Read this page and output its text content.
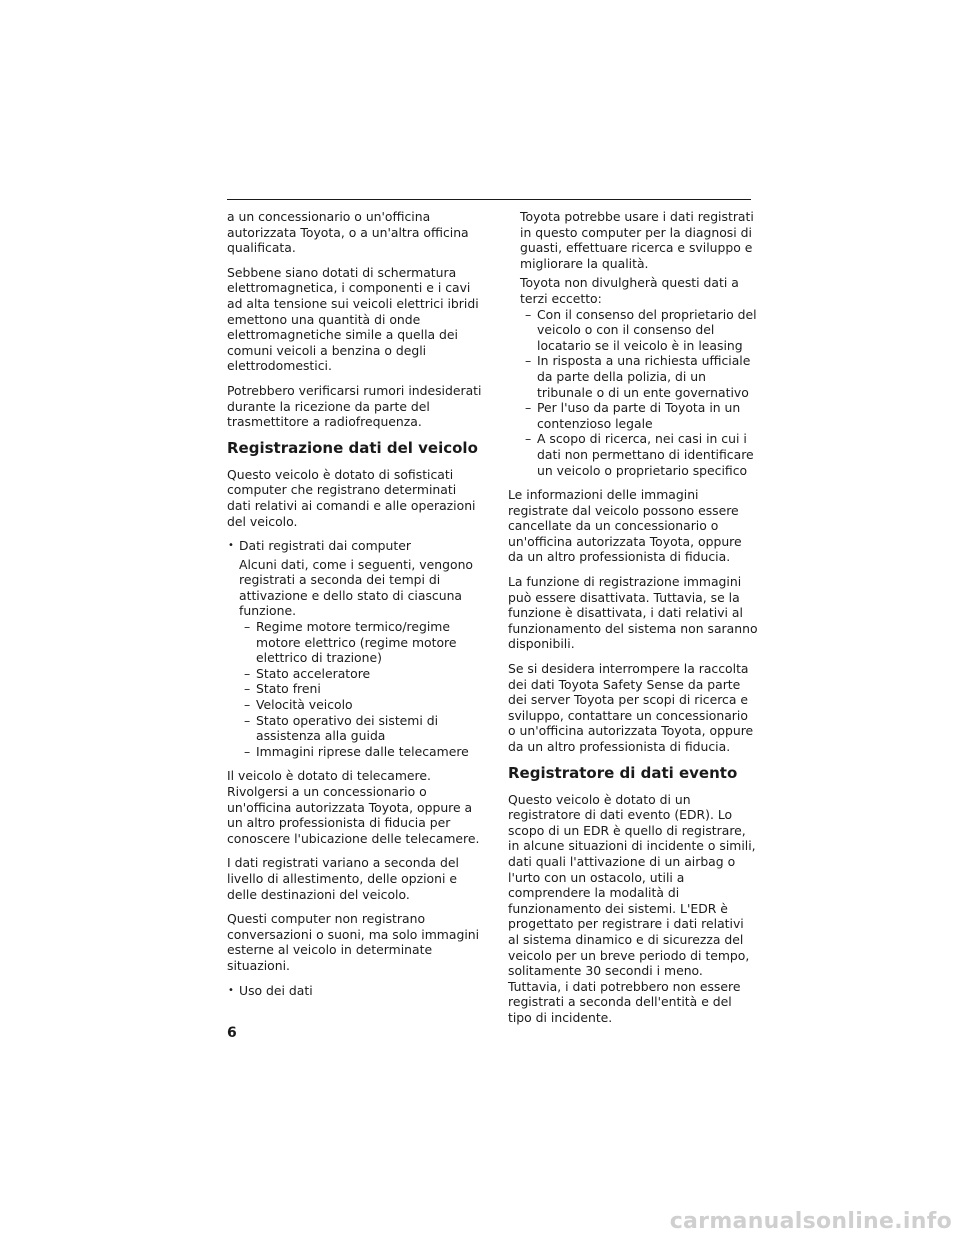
a un concessionario o un'officina autorizzata Toyota, o a un'altra officina qualificata.

Sebbene siano dotati di schermatura elettromagnetica, i componenti e i cavi ad alta tensione sui veicoli elettrici ibridi emettono una quantità di onde elettromagnetiche simile a quella dei comuni veicoli a benzina o degli elettrodomestici.

Potrebbero verificarsi rumori indesiderati durante la ricezione da parte del trasmettitore a radiofrequenza.

Registrazione dati del veicolo

Questo veicolo è dotato di sofisticati computer che registrano determinati dati relativi ai comandi e alle operazioni del veicolo.

• Dati registrati dai computer

Alcuni dati, come i seguenti, vengono registrati a seconda dei tempi di attivazione e dello stato di ciascuna funzione.

– Regime motore termico/regime motore elettrico (regime motore elettrico di trazione)
– Stato acceleratore
– Stato freni
– Velocità veicolo
– Stato operativo dei sistemi di assistenza alla guida
– Immagini riprese dalle telecamere

Il veicolo è dotato di telecamere. Rivolgersi a un concessionario o un'officina autorizzata Toyota, oppure a un altro professionista di fiducia per conoscere l'ubicazione delle telecamere.

I dati registrati variano a seconda del livello di allestimento, delle opzioni e delle destinazioni del veicolo.

Questi computer non registrano conversazioni o suoni, ma solo immagini esterne al veicolo in determinate situazioni.

• Uso dei dati

Toyota potrebbe usare i dati registrati in questo computer per la diagnosi di guasti, effettuare ricerca e sviluppo e migliorare la qualità.

Toyota non divulgherà questi dati a terzi eccetto:

– Con il consenso del proprietario del veicolo o con il consenso del locatario se il veicolo è in leasing
– In risposta a una richiesta ufficiale da parte della polizia, di un tribunale o di un ente governativo
– Per l'uso da parte di Toyota in un contenzioso legale
– A scopo di ricerca, nei casi in cui i dati non permettano di identificare un veicolo o proprietario specifico

Le informazioni delle immagini registrate dal veicolo possono essere cancellate da un concessionario o un'officina autorizzata Toyota, oppure da un altro professionista di fiducia.

La funzione di registrazione immagini può essere disattivata. Tuttavia, se la funzione è disattivata, i dati relativi al funzionamento del sistema non saranno disponibili.

Se si desidera interrompere la raccolta dei dati Toyota Safety Sense da parte dei server Toyota per scopi di ricerca e sviluppo, contattare un concessionario o un'officina autorizzata Toyota, oppure da un altro professionista di fiducia.

Registratore di dati evento

Questo veicolo è dotato di un registratore di dati evento (EDR). Lo scopo di un EDR è quello di registrare, in alcune situazioni di incidente o simili, dati quali l'attivazione di un airbag o l'urto con un ostacolo, utili a comprendere la modalità di funzionamento dei sistemi. L'EDR è progettato per registrare i dati relativi al sistema dinamico e di sicurezza del veicolo per un breve periodo di tempo, solitamente 30 secondi i meno. Tuttavia, i dati potrebbero non essere registrati a seconda dell'entità e del tipo di incidente.

6
carmanualsonline.info
